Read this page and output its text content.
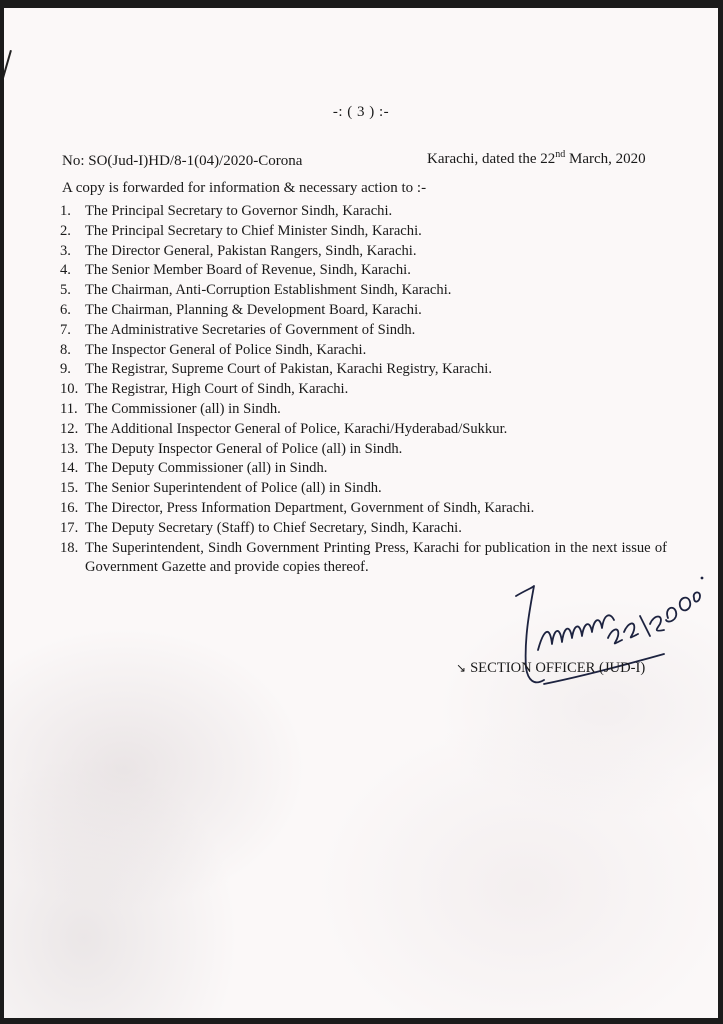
-: ( 3 ) :-
No: SO(Jud-I)HD/8-1(04)/2020-Corona	Karachi, dated the 22nd March, 2020
A copy is forwarded for information & necessary action to :-
1. The Principal Secretary to Governor Sindh, Karachi.
2. The Principal Secretary to Chief Minister Sindh, Karachi.
3. The Director General, Pakistan Rangers, Sindh, Karachi.
4. The Senior Member Board of Revenue, Sindh, Karachi.
5. The Chairman, Anti-Corruption Establishment Sindh, Karachi.
6. The Chairman, Planning & Development Board, Karachi.
7. The Administrative Secretaries of Government of Sindh.
8. The Inspector General of Police Sindh, Karachi.
9. The Registrar, Supreme Court of Pakistan, Karachi Registry, Karachi.
10. The Registrar, High Court of Sindh, Karachi.
11. The Commissioner (all) in Sindh.
12. The Additional Inspector General of Police, Karachi/Hyderabad/Sukkur.
13. The Deputy Inspector General of Police (all) in Sindh.
14. The Deputy Commissioner (all) in Sindh.
15. The Senior Superintendent of Police (all) in Sindh.
16. The Director, Press Information Department, Government of Sindh, Karachi.
17. The Deputy Secretary (Staff) to Chief Secretary, Sindh, Karachi.
18. The Superintendent, Sindh Government Printing Press, Karachi for publication in the next issue of Government Gazette and provide copies thereof.
↘ SECTION OFFICER (JUD-I)
